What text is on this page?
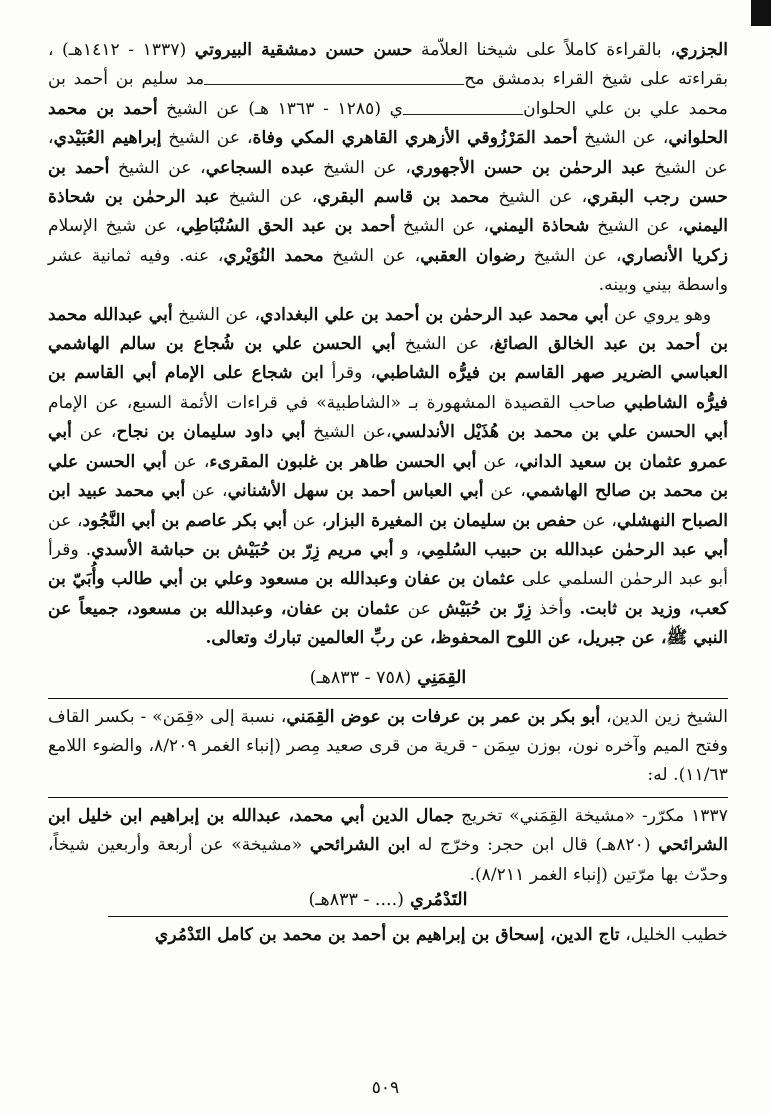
الجزري، بالقراءة كاملاً على شيخنا العلاّمة حسن حسن دمشقية البيروتي (١٣٣٧ - ١٤١٢هـ) ، بقراءته على شيخ القراء بدمشق محمد سليم بن أحمد بن محمد علي بن علي الحلواني (١٢٨٥ - ١٣٦٣ هـ) عن الشيخ أحمد بن محمد الحلواني، عن الشيخ أحمد المَرْزُوقي الأزهري القاهري المكي وفاة، عن الشيخ إبراهيم العُبَيْدي، عن الشيخ عبد الرحمٰن بن حسن الأجهوري، عن الشيخ عبده السجاعي، عن الشيخ أحمد بن حسن رجب البقري، عن الشيخ محمد بن قاسم البقري، عن الشيخ عبد الرحمٰن بن شحاذة اليمني، عن الشيخ شحاذة اليمني، عن الشيخ أحمد بن عبد الحق السُنْبَاطِي، عن شيخ الإسلام زكريا الأنصاري، عن الشيخ رضوان العقبي، عن الشيخ محمد النُوَيْري، عنه. وفيه ثمانية عشر واسطة بيني وبينه.

وهو يروي عن أبي محمد عبد الرحمٰن بن أحمد بن علي البغدادي، عن الشيخ أبي عبدالله محمد بن أحمد بن عبد الخالق الصائغ، عن الشيخ أبي الحسن علي بن شُجاع بن سالم الهاشمي العباسي الضرير صهر القاسم بن فيرُّه الشاطبي، وقرأ ابن شجاع على الإمام أبي القاسم بن فيرُّه الشاطبي صاحب القصيدة المشهورة بـ «الشاطبية» في قراءات الأئمة السبع، عن الإمام أبي الحسن علي بن محمد بن هُذَيْل الأندلسي،عن الشيخ أبي داود سليمان بن نجاح، عن أبي عمرو عثمان بن سعيد الداني، عن أبي الحسن طاهر بن غلبون المقرىء، عن أبي الحسن علي بن محمد بن صالح الهاشمي، عن أبي العباس أحمد بن سهل الأشناني، عن أبي محمد عبيد ابن الصباح النهشلي، عن حفص بن سليمان بن المغيرة البزار، عن أبي بكر عاصم بن أبي النَّجُود، عن أبي عبد الرحمٰن عبدالله بن حبيب السُلمِي، و أبي مريم زِرّ بن حُبَيْش بن حباشة الأسدي. وقرأ أبو عبد الرحمٰن السلمي على عثمان بن عفان وعبدالله بن مسعود وعلي بن أبي طالب وأُبَيّ بن كعب، وزيد بن ثابت. وأخذ زِرّ بن حُبَيْش عن عثمان بن عفان، وعبدالله بن مسعود، جميعاً عن النبي ﷺ، عن جبريل، عن اللوح المحفوظ، عن ربِّ العالمين تبارك وتعالى.

القِمَنِي (٧٥٨ - ٨٣٣هـ)

الشيخ زين الدين، أبو بكر بن عمر بن عرفات بن عوض القِمَني، نسبة إلى «قِمَن» - بكسر القاف وفتح الميم وآخره نون، بوزن سِمَن - قرية من قرى صعيد مِصر (إنباء الغمر ٨/٢٠٩، والضوء اللامع ١١/٦٣). له:

١٣٣٧ مكرّر- «مشيخة القِمَني» تخريج جمال الدين أبي محمد، عبدالله بن إبراهيم ابن خليل ابن الشرائحي (٨٢٠هـ) قال ابن حجر: وخرّج له ابن الشرائحي «مشيخة» عن أربعة وأربعين شيخاً، وحدّث بها مرّتين (إنباء الغمر ٨/٢١١).

التَدْمُري (.... - ٨٣٣هـ)

خطيب الخليل، تاج الدين، إسحاق بن إبراهيم بن أحمد بن محمد بن كامل التَدْمُري

٥٠٩
